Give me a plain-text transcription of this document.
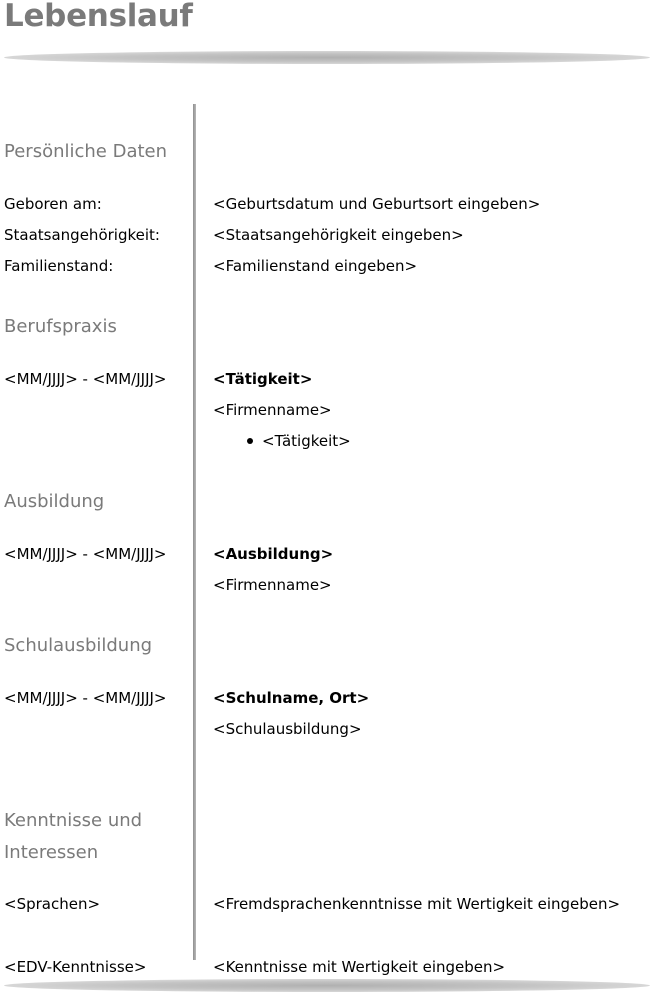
Lebenslauf
Persönliche Daten
Geboren am:	<Geburtsdatum und Geburtsort eingeben>
Staatsangehörigkeit:	<Staatsangehörigkeit eingeben>
Familienstand:	<Familienstand eingeben>
Berufspraxis
<MM/JJJJ> - <MM/JJJJ>	<Tätigkeit>
<Firmenname>
<Tätigkeit>
Ausbildung
<MM/JJJJ> - <MM/JJJJ>	<Ausbildung>
<Firmenname>
Schulausbildung
<MM/JJJJ> - <MM/JJJJ>	<Schulname, Ort>
<Schulausbildung>
Kenntnisse und
Interessen
<Sprachen>	<Fremdsprachenkenntnisse mit Wertigkeit eingeben>
<EDV-Kenntnisse>	<Kenntnisse mit Wertigkeit eingeben>
